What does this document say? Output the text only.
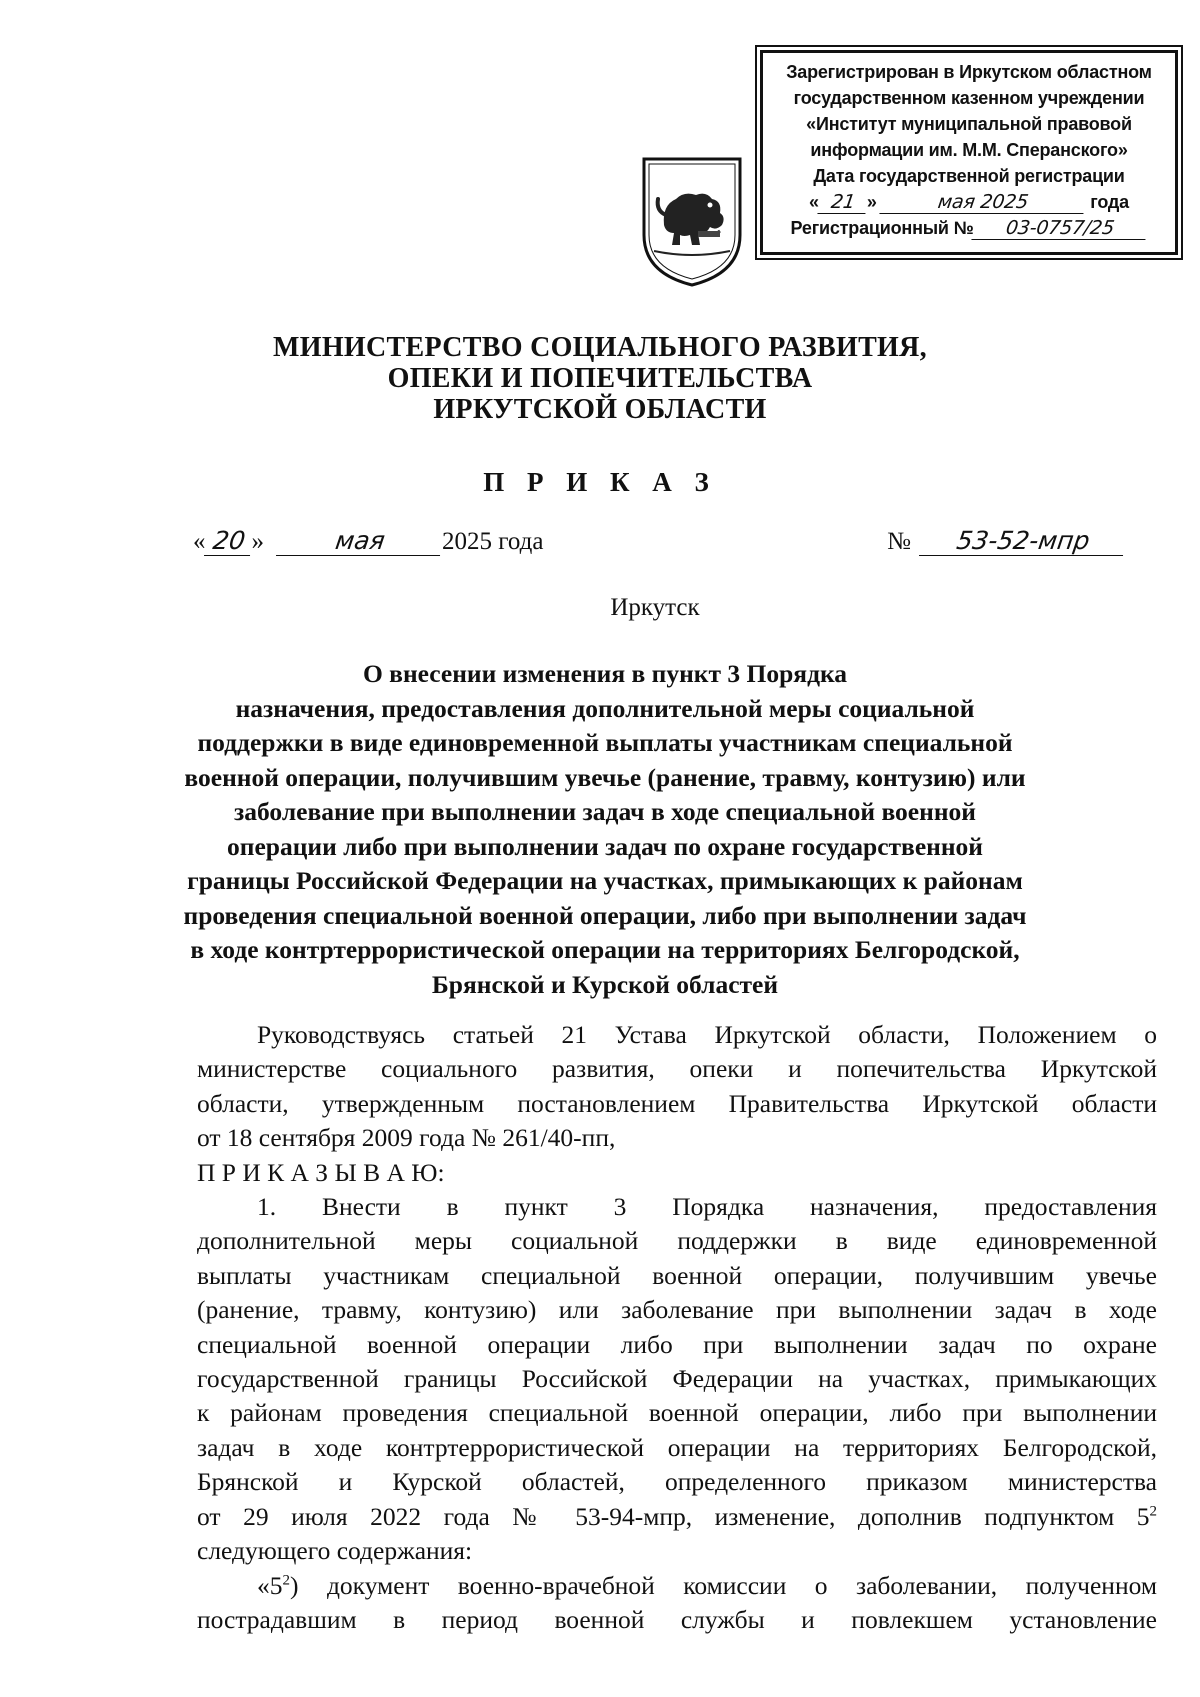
Зарегистрирован в Иркутском областном
государственном казенном учреждении
«Институт муниципальной правовой
информации им. М.М. Сперанского»
Дата государственной регистрации
« 21 »
	мая 2025
	года
Регистрационный №	03-0757/25
МИНИСТЕРСТВО СОЦИАЛЬНОГО РАЗВИТИЯ,
ОПЕКИ И ПОПЕЧИТЕЛЬСТВА
ИРКУТСКОЙ ОБЛАСТИ
П Р И К А З
« 20 »	мая	2025 года	№	53-52-мпр
Иркутск
О внесении изменения в пункт 3 Порядка
назначения, предоставления дополнительной меры социальной
поддержки в виде единовременной выплаты участникам специальной
военной операции, получившим увечье (ранение, травму, контузию) или
заболевание при выполнении задач в ходе специальной военной
операции либо при выполнении задач по охране государственной
границы Российской Федерации на участках, примыкающих к районам
проведения специальной военной операции, либо при выполнении задач
в ходе контртеррористической операции на территориях Белгородской,
Брянской и Курской областей

Руководствуясь статьей 21 Устава Иркутской области, Положением о

министерстве социального развития, опеки и попечительства Иркутской

области, утвержденным постановлением Правительства Иркутской области

от 18 сентября 2009 года № 261/40-пп,

П Р И К А З Ы В А Ю:

1. Внести в пункт 3 Порядка назначения, предоставления

дополнительной меры социальной поддержки в виде единовременной

выплаты участникам специальной военной операции, получившим увечье

(ранение, травму, контузию) или заболевание при выполнении задач в ходе

специальной военной операции либо при выполнении задач по охране

государственной границы Российской Федерации на участках, примыкающих

к районам проведения специальной военной операции, либо при выполнении

задач в ходе контртеррористической операции на территориях Белгородской,

Брянской и Курской областей, определенного приказом министерства

от 29 июля 2022 года № 53-94-мпр, изменение, дополнив подпунктом $5^2$

следующего содержания:

«$5^2$) документ военно-врачебной комиссии о заболевании, полученном

пострадавшим в период военной службы и повлекшем установление
